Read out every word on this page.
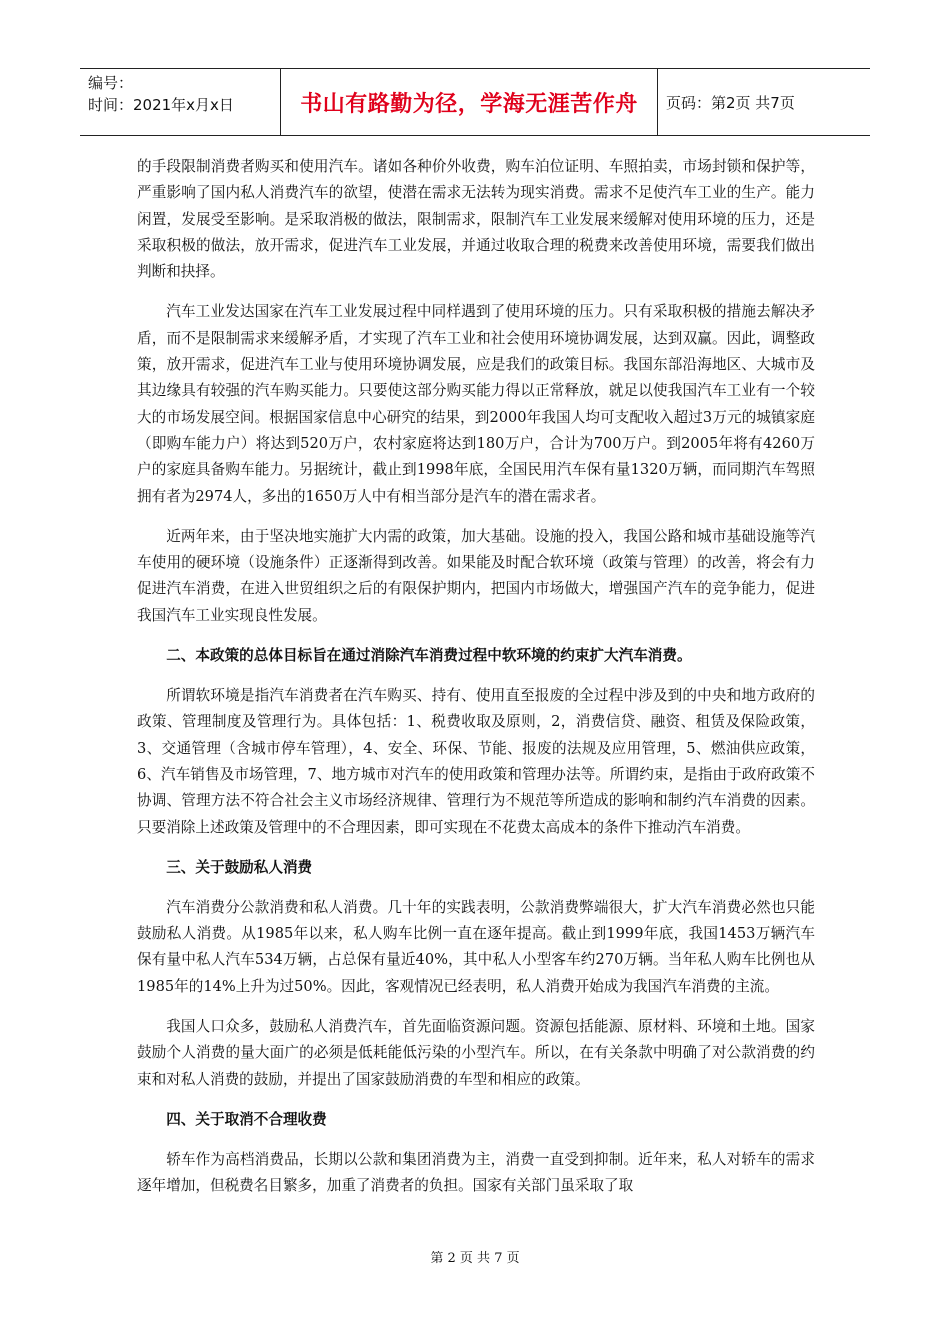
编号：
时间：2021年x月x日	书山有路勤为径，学海无涯苦作舟	页码：第2页 共7页

的手段限制消费者购买和使用汽车。诸如各种价外收费，购车泊位证明、车照拍卖，市场封锁和保护等，严重影响了国内私人消费汽车的欲望，使潜在需求无法转为现实消费。需求不足使汽车工业的生产。能力闲置，发展受至影响。是采取消极的做法，限制需求，限制汽车工业发展来缓解对使用环境的压力，还是采取积极的做法，放开需求，促进汽车工业发展，并通过收取合理的税费来改善使用环境，需要我们做出判断和抉择。

汽车工业发达国家在汽车工业发展过程中同样遇到了使用环境的压力。只有采取积极的措施去解决矛盾，而不是限制需求来缓解矛盾，才实现了汽车工业和社会使用环境协调发展，达到双赢。因此，调整政策，放开需求，促进汽车工业与使用环境协调发展，应是我们的政策目标。我国东部沿海地区、大城市及其边缘具有较强的汽车购买能力。只要使这部分购买能力得以正常释放，就足以使我国汽车工业有一个较大的市场发展空间。根据国家信息中心研究的结果，到2000年我国人均可支配收入超过3万元的城镇家庭（即购车能力户）将达到520万户，农村家庭将达到180万户，合计为700万户。到2005年将有4260万户的家庭具备购车能力。另据统计，截止到1998年底，全国民用汽车保有量1320万辆，而同期汽车驾照拥有者为2974人，多出的1650万人中有相当部分是汽车的潜在需求者。

近两年来，由于坚决地实施扩大内需的政策，加大基础。设施的投入，我国公路和城市基础设施等汽车使用的硬环境（设施条件）正逐渐得到改善。如果能及时配合软环境（政策与管理）的改善，将会有力促进汽车消费，在进入世贸组织之后的有限保护期内，把国内市场做大，增强国产汽车的竞争能力，促进我国汽车工业实现良性发展。

二、本政策的总体目标旨在通过消除汽车消费过程中软环境的约束扩大汽车消费。

所谓软环境是指汽车消费者在汽车购买、持有、使用直至报废的全过程中涉及到的中央和地方政府的政策、管理制度及管理行为。具体包括：1、税费收取及原则，2，消费信贷、融资、租赁及保险政策，3、交通管理（含城市停车管理），4、安全、环保、节能、报废的法规及应用管理，5、燃油供应政策，6、汽车销售及市场管理，7、地方城市对汽车的使用政策和管理办法等。所谓约束，是指由于政府政策不协调、管理方法不符合社会主义市场经济规律、管理行为不规范等所造成的影响和制约汽车消费的因素。只要消除上述政策及管理中的不合理因素，即可实现在不花费太高成本的条件下推动汽车消费。

三、关于鼓励私人消费

汽车消费分公款消费和私人消费。几十年的实践表明，公款消费弊端很大，扩大汽车消费必然也只能鼓励私人消费。从1985年以来，私人购车比例一直在逐年提高。截止到1999年底，我国1453万辆汽车保有量中私人汽车534万辆，占总保有量近40%，其中私人小型客车约270万辆。当年私人购车比例也从1985年的14%上升为过50%。因此，客观情况已经表明，私人消费开始成为我国汽车消费的主流。

我国人口众多，鼓励私人消费汽车，首先面临资源问题。资源包括能源、原材料、环境和土地。国家鼓励个人消费的量大面广的必须是低耗能低污染的小型汽车。所以，在有关条款中明确了对公款消费的约束和对私人消费的鼓励，并提出了国家鼓励消费的车型和相应的政策。

四、关于取消不合理收费

轿车作为高档消费品，长期以公款和集团消费为主，消费一直受到抑制。近年来，私人对轿车的需求逐年增加，但税费名目繁多，加重了消费者的负担。国家有关部门虽采取了取

第 2 页 共 7 页
